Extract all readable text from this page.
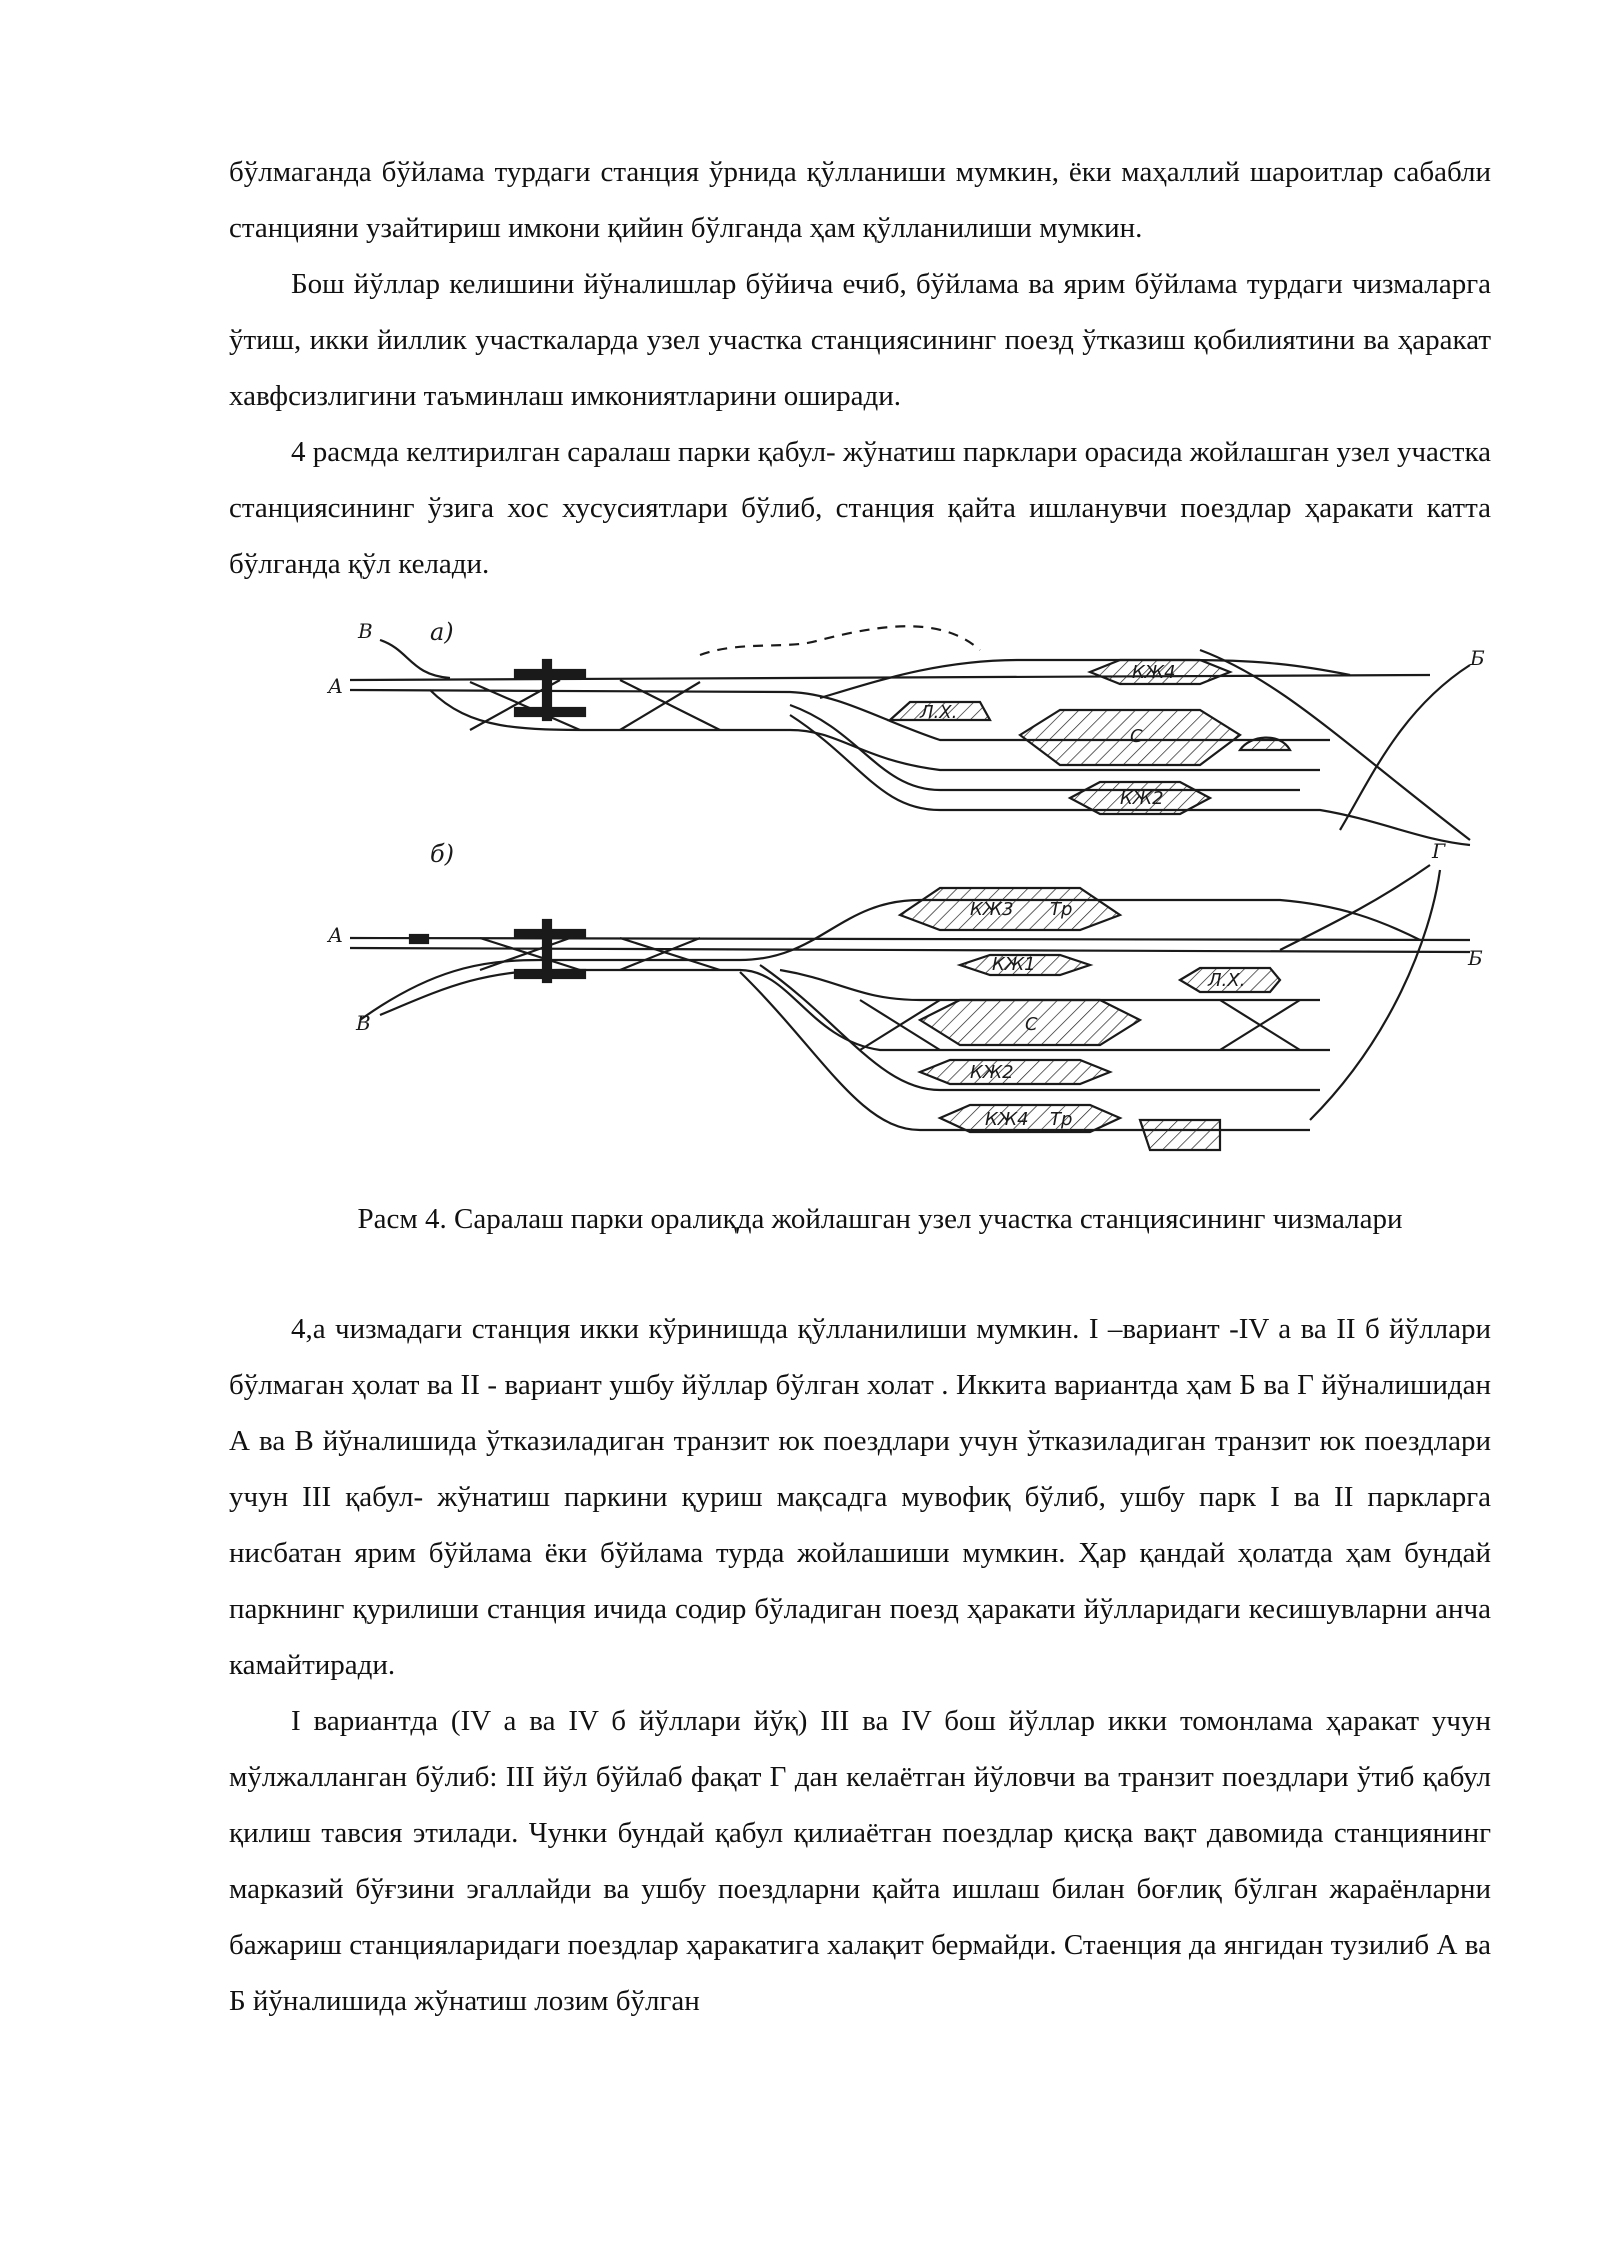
бўлмаганда бўйлама турдаги станция ўрнида қўлланиши мумкин, ёки маҳаллий шароитлар сабабли станцияни узайтириш имкони қийин бўлганда ҳам қўлланилиши мумкин.

Бош йўллар келишини йўналишлар бўйича ечиб, бўйлама ва ярим бўйлама турдаги чизмаларга ўтиш, икки йиллик участкаларда узел участка станциясининг поезд ўтказиш қобилиятини ва ҳаракат хавфсизлигини таъминлаш имкониятларини оширади.

4 расмда келтирилган саралаш парки қабул- жўнатиш парклари орасида жойлашган узел участка станциясининг ўзига хос хусусиятлари бўлиб, станция қайта ишланувчи поездлар ҳаракати катта бўлганда қўл келади.

а)
В
А
Б
КЖ4
Л.Х.
С
КЖ2
б)
А
В
Б
Г
КЖ3 Тр
КЖ1
Л.Х.
С
КЖ2
КЖ4 Тр
Расм 4. Саралаш парки оралиқда жойлашган узел участка станциясининг чизмалари

4,а чизмадаги станция икки кўринишда қўлланилиши мумкин. I –вариант -IV а ва II б йўллари бўлмаган ҳолат ва II - вариант ушбу йўллар бўлган холат . Иккита вариантда ҳам Б ва Г йўналишидан А ва В йўналишида ўтказиладиган транзит юк поездлари учун ўтказиладиган транзит юк поездлари учун III қабул- жўнатиш паркини қуриш мақсадга мувофиқ бўлиб, ушбу парк I ва II паркларга нисбатан ярим бўйлама ёки бўйлама турда жойлашиши мумкин. Ҳар қандай ҳолатда ҳам бундай паркнинг қурилиши станция ичида содир бўладиган поезд ҳаракати йўлларидаги кесишувларни анча камайтиради.

I вариантда (IV а ва IV б йўллари йўқ) III ва IV бош йўллар икки томонлама ҳаракат учун мўлжалланган бўлиб: III йўл бўйлаб фақат Г дан келаётган йўловчи ва транзит поездлари ўтиб қабул қилиш тавсия этилади. Чунки бундай қабул қилиаётган поездлар қисқа вақт давомида станциянинг марказий бўғзини эгаллайди ва ушбу поездларни қайта ишлаш билан боғлиқ бўлган жараёнларни бажариш станцияларидаги поездлар ҳаракатига халақит бермайди. Стаенция да янгидан тузилиб А ва Б йўналишида жўнатиш лозим бўлган
